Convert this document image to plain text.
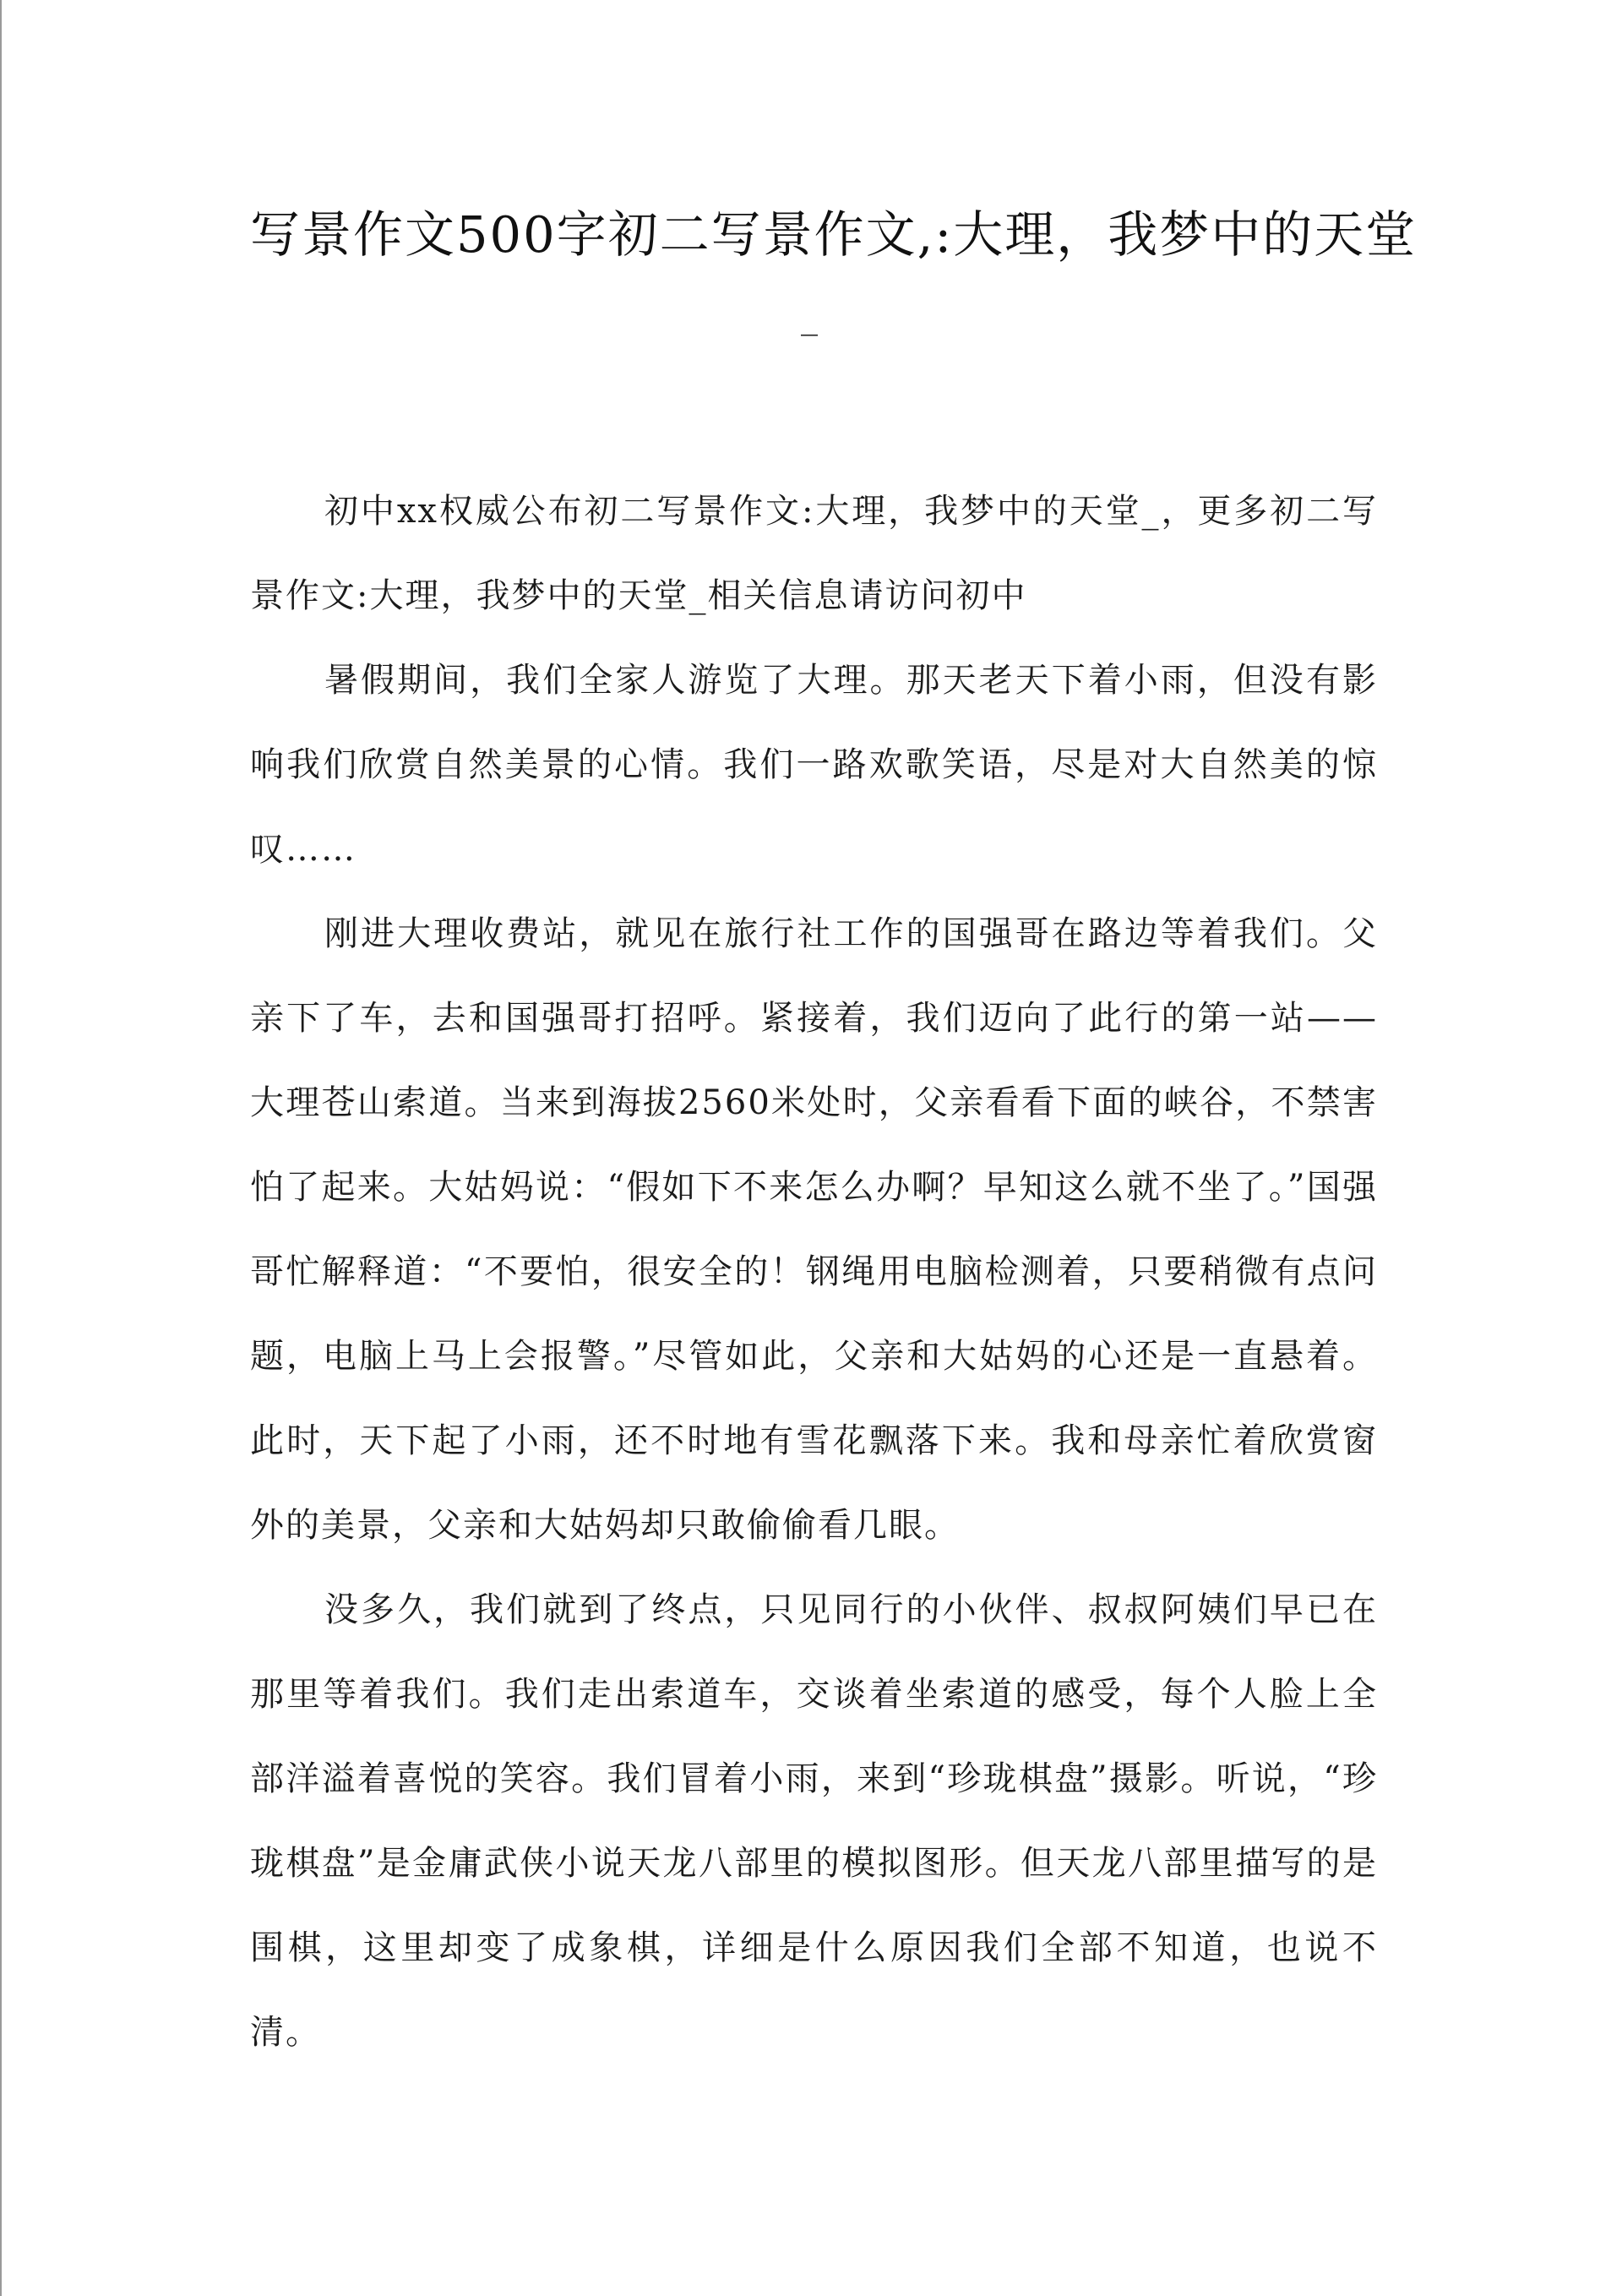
写景作文500字初二写景作文,:大理，我梦中的天堂
_

初中xx权威公布初二写景作文:大理，我梦中的天堂_，更多初二写景作文:大理，我梦中的天堂_相关信息请访问初中

暑假期间，我们全家人游览了大理。那天老天下着小雨，但没有影响我们欣赏自然美景的心情。我们一路欢歌笑语，尽是对大自然美的惊叹……

刚进大理收费站，就见在旅行社工作的国强哥在路边等着我们。父亲下了车，去和国强哥打招呼。紧接着，我们迈向了此行的第一站——大理苍山索道。当来到海拔2560米处时，父亲看看下面的峡谷，不禁害怕了起来。大姑妈说：“假如下不来怎么办啊？早知这么就不坐了。”国强哥忙解释道：“不要怕，很安全的！钢绳用电脑检测着，只要稍微有点问题，电脑上马上会报警。”尽管如此，父亲和大姑妈的心还是一直悬着。此时，天下起了小雨，还不时地有雪花飘落下来。我和母亲忙着欣赏窗外的美景，父亲和大姑妈却只敢偷偷看几眼。

没多久，我们就到了终点，只见同行的小伙伴、叔叔阿姨们早已在那里等着我们。我们走出索道车，交谈着坐索道的感受，每个人脸上全部洋溢着喜悦的笑容。我们冒着小雨，来到“珍珑棋盘”摄影。听说，“珍珑棋盘”是金庸武侠小说天龙八部里的模拟图形。但天龙八部里描写的是围棋，这里却变了成象棋，详细是什么原因我们全部不知道，也说不清。
